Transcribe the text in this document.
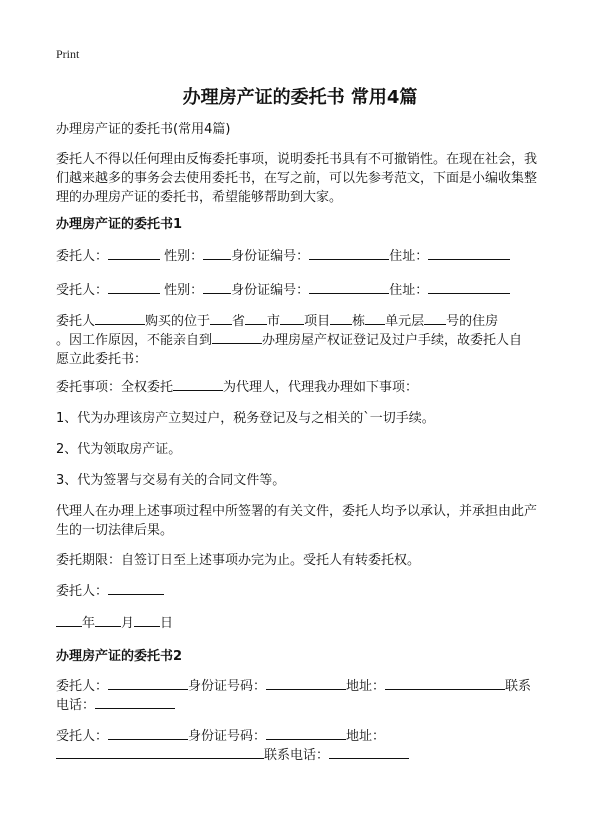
Print
办理房产证的委托书 常用4篇
办理房产证的委托书(常用4篇)
委托人不得以任何理由反悔委托事项，说明委托书具有不可撤销性。在现在社会，我们越来越多的事务会去使用委托书，在写之前，可以先参考范文，下面是小编收集整理的办理房产证的委托书，希望能够帮助到大家。
办理房产证的委托书1
委托人：	性别： 身份证编号：	住址：
受托人：	性别： 身份证编号：	住址：
委托人	购买的位于 省 市 项目 栋 单元层 号的住房
。因工作原因，不能亲自到	办理房屋产权证登记及过户手续，故委托人自
愿立此委托书：
委托事项：全权委托	为代理人，代理我办理如下事项：
1、代为办理该房产立契过户，税务登记及与之相关的`一切手续。
2、代为领取房产证。
3、代为签署与交易有关的合同文件等。
代理人在办理上述事项过程中所签署的有关文件，委托人均予以承认，并承担由此产生的一切法律后果。
委托期限：自签订日至上述事项办完为止。受托人有转委托权。
委托人：
年 月 日
办理房产证的委托书2
委托人：	身份证号码：	地址：	联系
电话：
受托人：	身份证号码：	地址：
联系电话：
